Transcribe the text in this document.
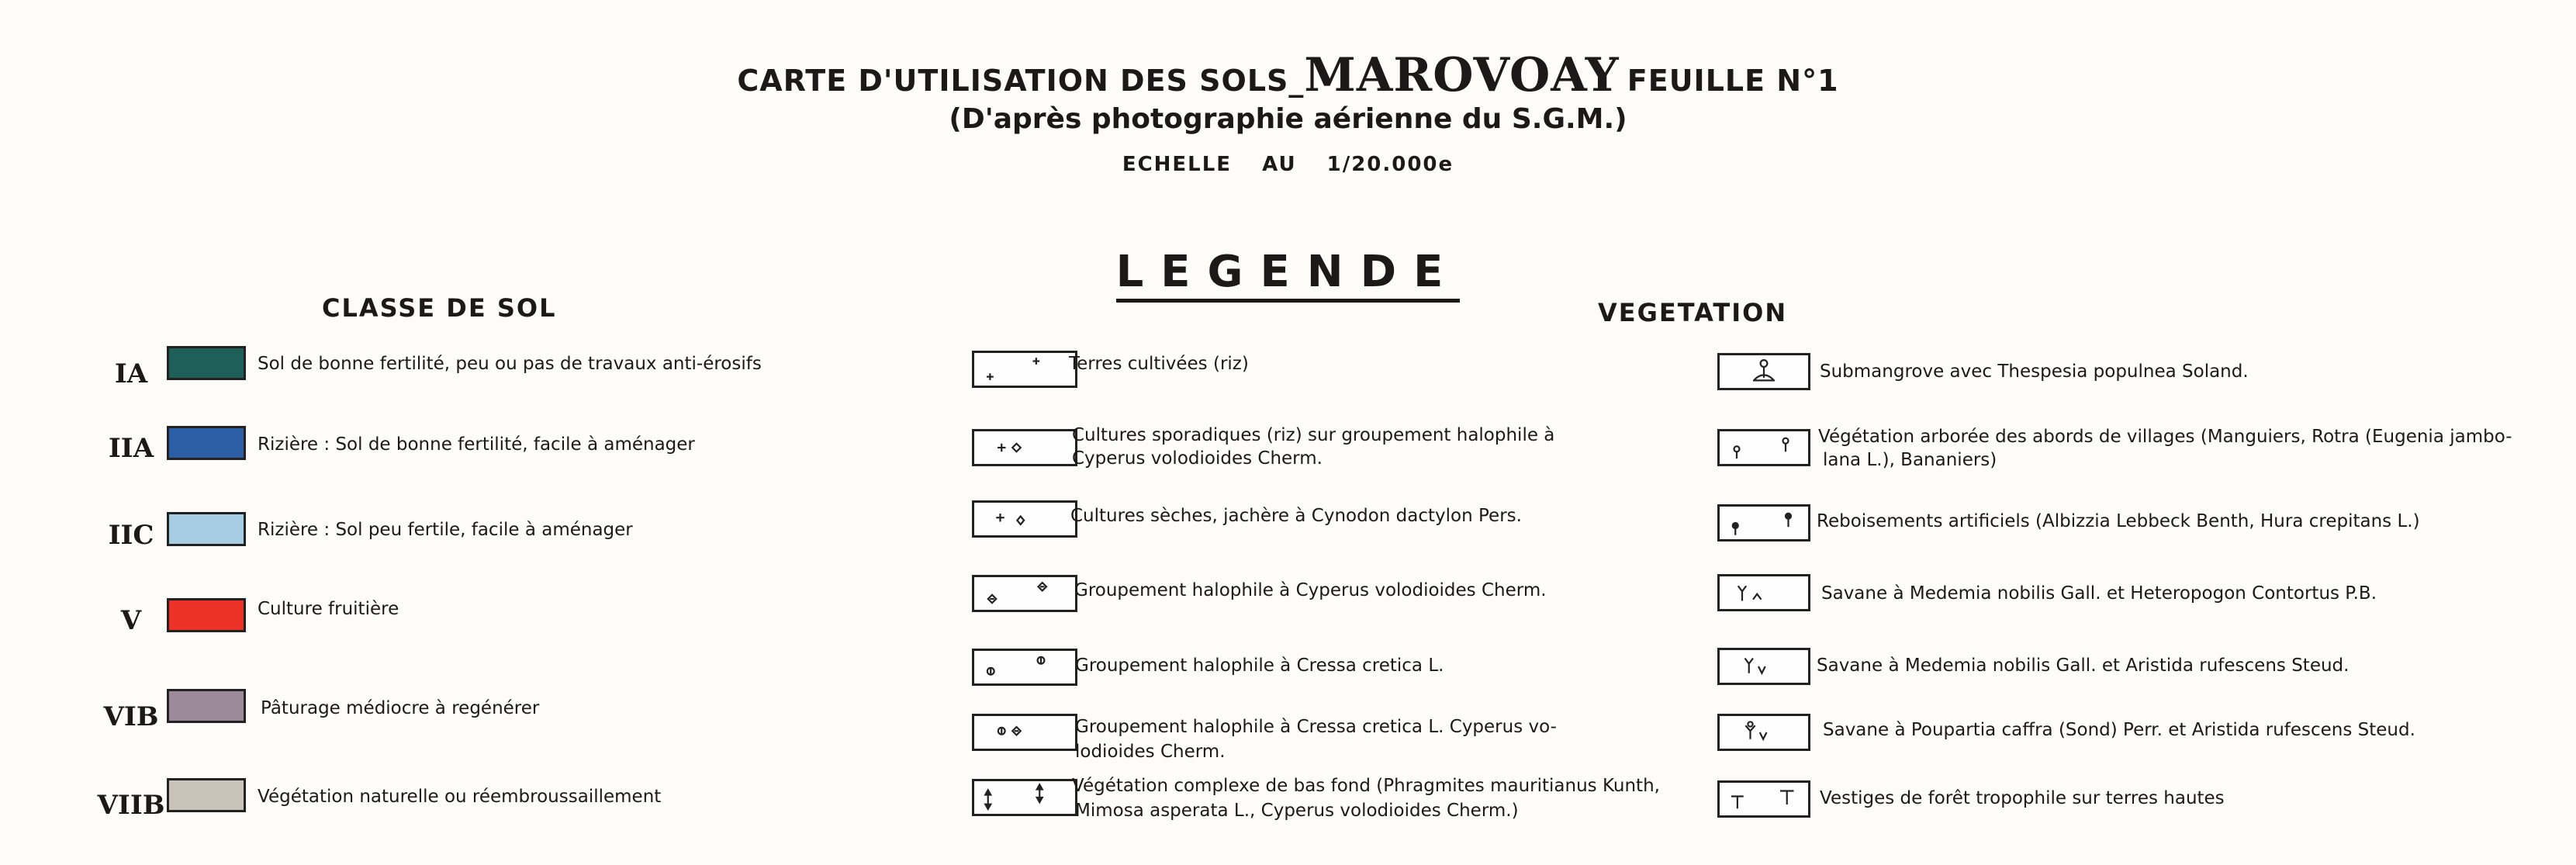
CARTE D'UTILISATION DES SOLS_MAROVOAY FEUILLE N°1
(D'après photographie aérienne du S.G.M.)
ECHELLE AU 1/20.000e
LEGENDE
CLASSE DE SOL
IA	Sol de bonne fertilité, peu ou pas de travaux anti-érosifs
IIA	Rizière : Sol de bonne fertilité, facile à aménager
IIC	Rizière : Sol peu fertile, facile à aménager
V	Culture fruitière
VIB	Pâturage médiocre à regénérer
VIIB	Végétation naturelle ou réembroussaillement
Terres cultivées (riz)
Cultures sporadiques (riz) sur groupement halophile à
Cyperus volodioides Cherm.
Cultures sèches, jachère à Cynodon dactylon Pers.
Groupement halophile à Cyperus volodioides Cherm.
Groupement halophile à Cressa cretica L.
Groupement halophile à Cressa cretica L. Cyperus vo-
lodioides Cherm.
Végétation complexe de bas fond (Phragmites mauritianus Kunth,
Mimosa asperata L., Cyperus volodioides Cherm.)
VEGETATION
Submangrove avec Thespesia populnea Soland.
Végétation arborée des abords de villages (Manguiers, Rotra (Eugenia jambo-
lana L.), Bananiers)
Reboisements artificiels (Albizzia Lebbeck Benth, Hura crepitans L.)
Savane à Medemia nobilis Gall. et Heteropogon Contortus P.B.
Savane à Medemia nobilis Gall. et Aristida rufescens Steud.
Savane à Poupartia caffra (Sond) Perr. et Aristida rufescens Steud.
Vestiges de forêt tropophile sur terres hautes
